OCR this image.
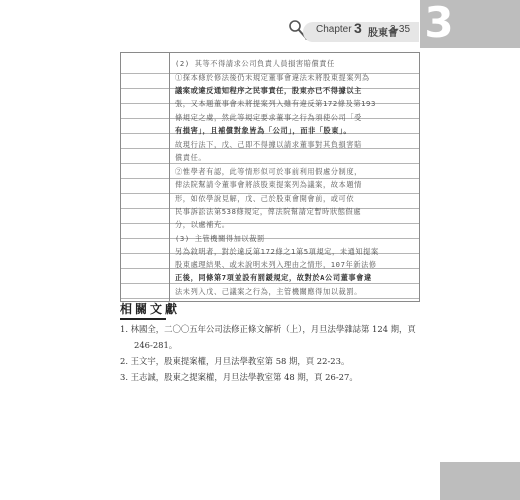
Chapter 3 股東會
3-35 3
(2) 其等不得請求公司負責人員損害賠償責任
①探本條於修法後仍未規定董事會違法未將股東提案列為
議案或違反通知程序之民事責任，股東亦已不得據以主
張，又本題董事會未將提案列入雖有違反第172條及第193
條規定之虞，然此等規定要求董事之行為須使公司「受
有損害」，且補償對象皆為「公司」，而非「股東」。
故現行法下，戊、己即不得據以請求董事對其負損害賠
償責任。
②惟學者有認，此等情形似可於事前利用假處分制度，
俾法院幫請令董事會將該股東提案列為議案，故本題情
形，如依學說見解，戊、己於股東會開會前，或可依
民事訴訟法第538條規定，俾法院幫請定暫時狀態假處
分，以處補充。
(3) 主管機關得加以裁罰
另為敘明者，對於違反第172條之1第5項規定，未通知提案
股東處理結果、或未說明未列入理由之情形，107年新法修
正後，同條第7項並設有罰鍰規定，故對於A公司董事會違
法未列入戊、己議案之行為，主管機關應得加以裁罰。
相關文獻
1. 林國全，二〇〇五年公司法修正條文解析（上），月旦法學雜誌第 124 期，頁
246-281。
2. 王文宇，股東提案權，月旦法學教室第 58 期，頁 22-23。
3. 王志誠，股東之提案權，月旦法學教室第 48 期，頁 26-27。
